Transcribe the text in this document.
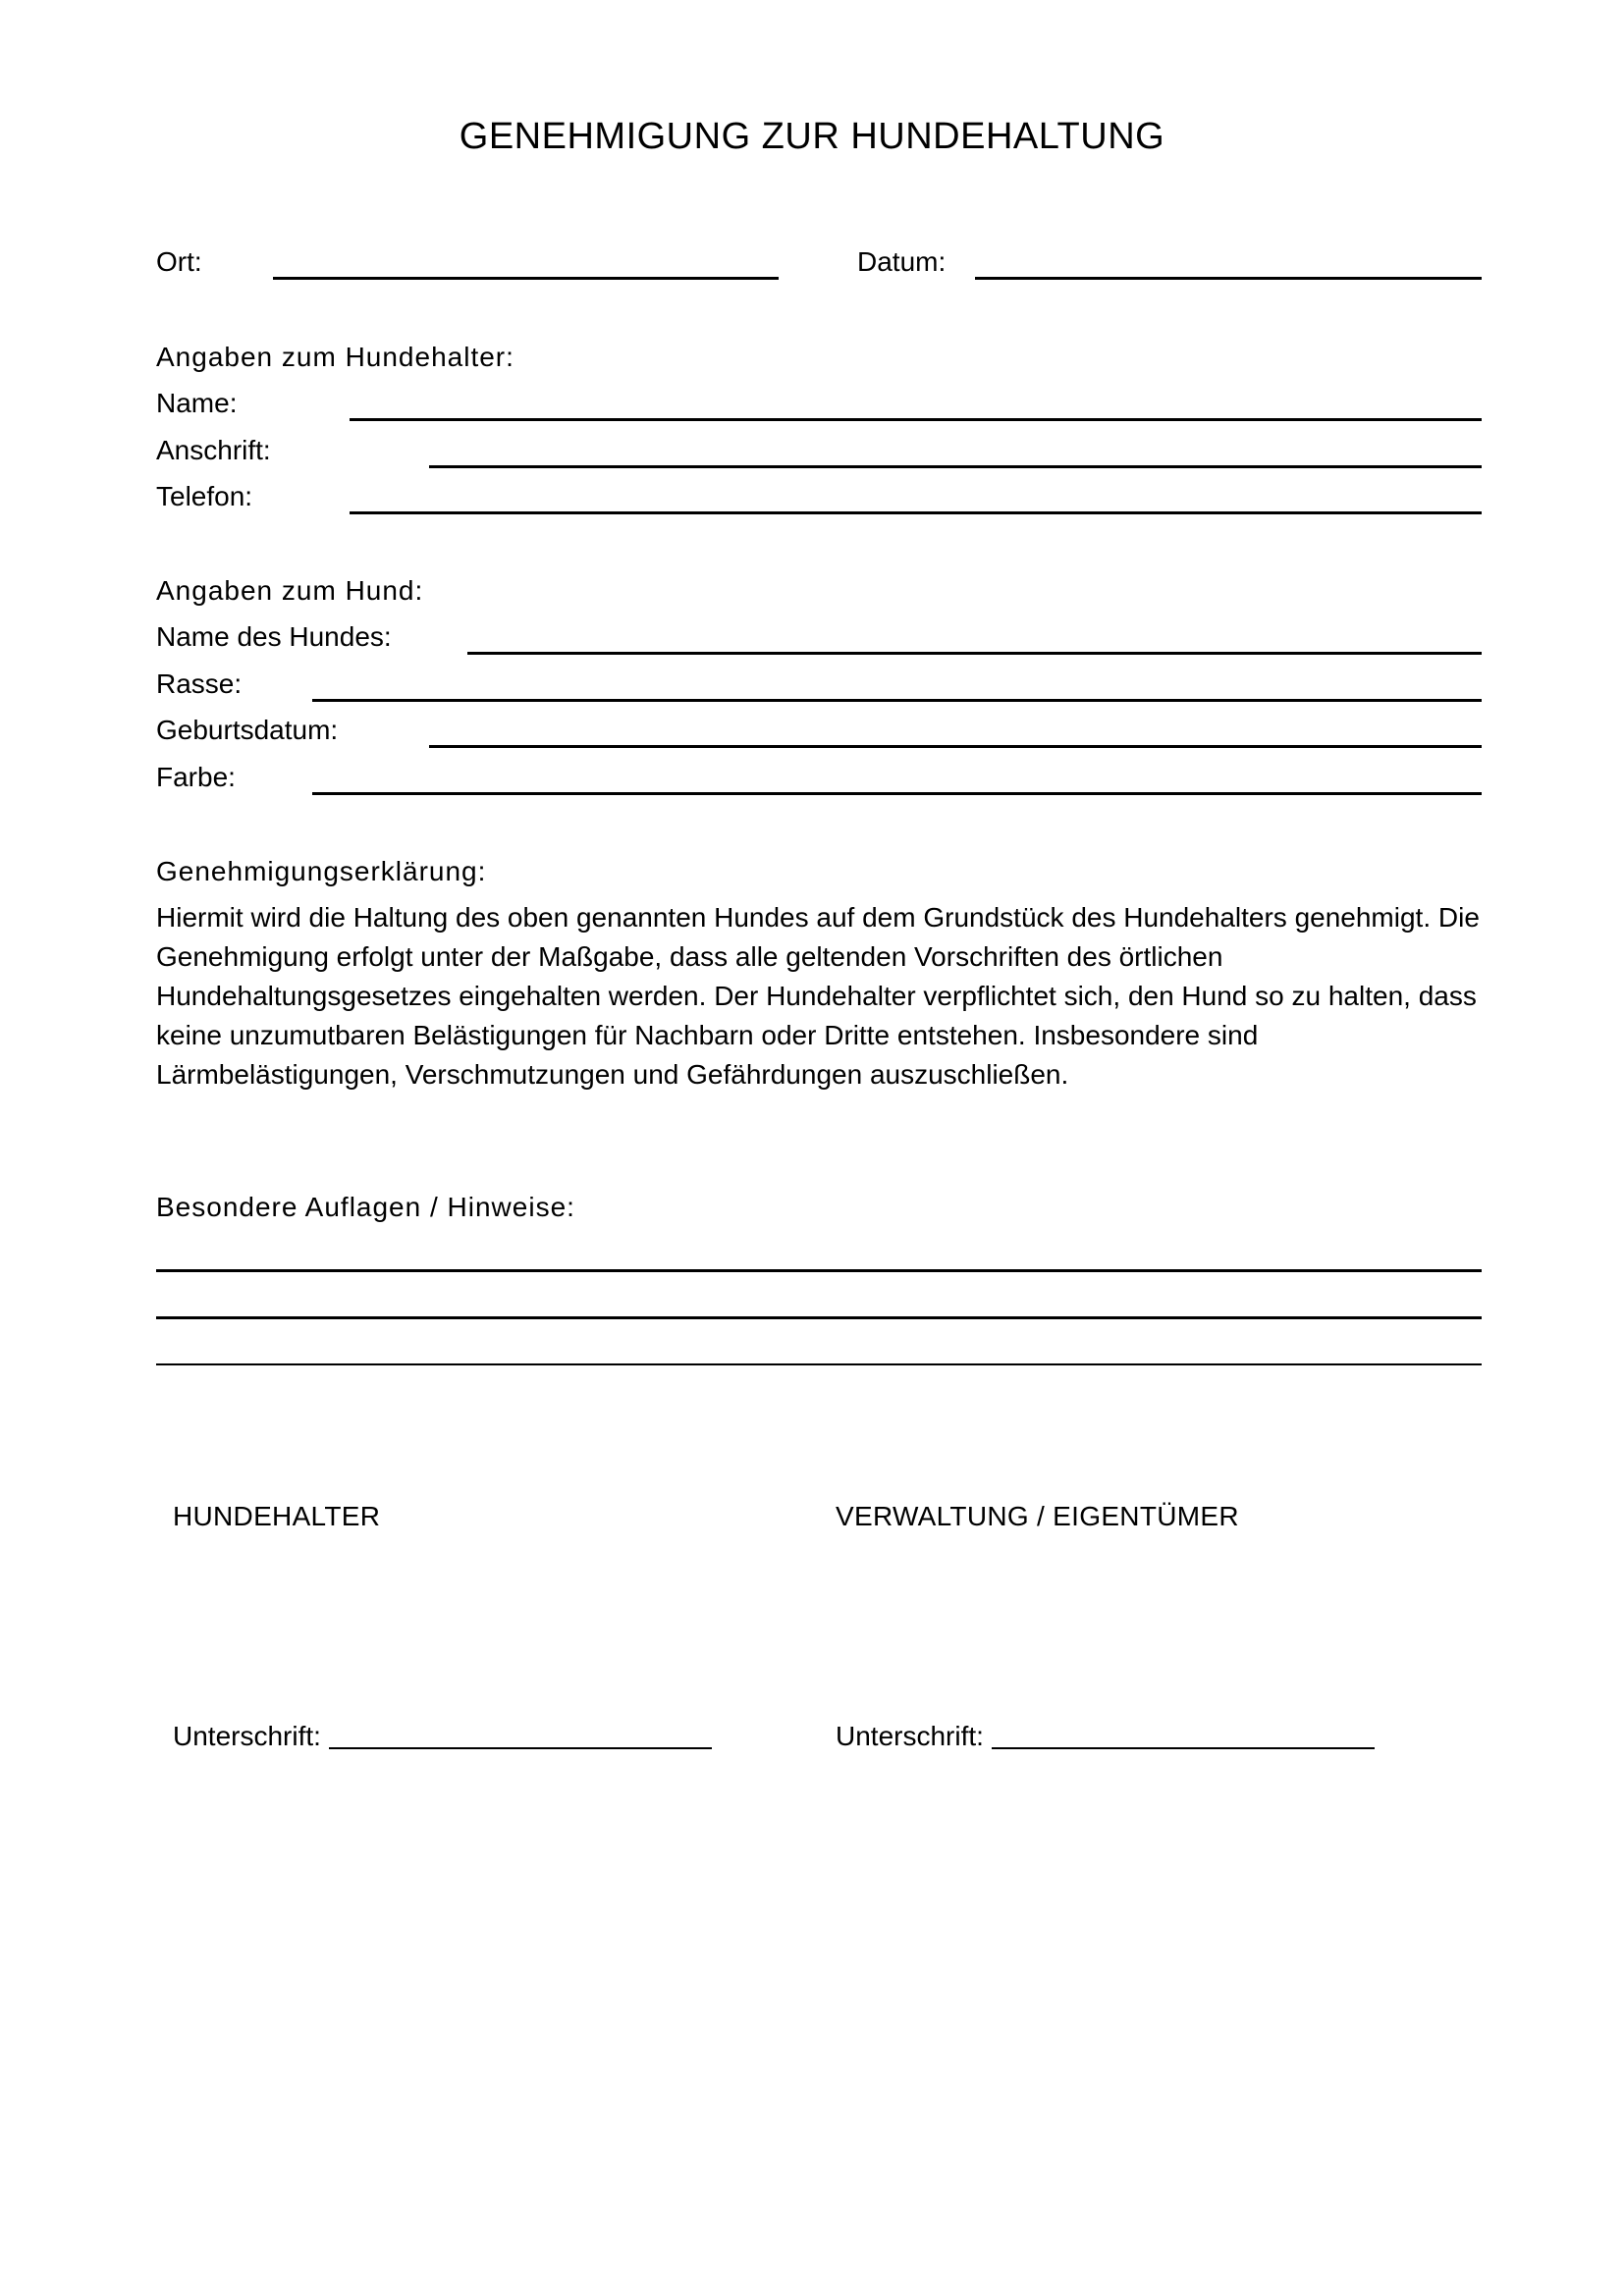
GENEHMIGUNG ZUR HUNDEHALTUNG
Ort:	Datum:
Angaben zum Hundehalter:
Name:
Anschrift:
Telefon:
Angaben zum Hund:
Name des Hundes:
Rasse:
Geburtsdatum:
Farbe:
Genehmigungserklärung:
Hiermit wird die Haltung des oben genannten Hundes auf dem Grundstück des Hundehalters genehmigt. Die
Genehmigung erfolgt unter der Maßgabe, dass alle geltenden Vorschriften des örtlichen
Hundehaltungsgesetzes eingehalten werden. Der Hundehalter verpflichtet sich, den Hund so zu halten, dass
keine unzumutbaren Belästigungen für Nachbarn oder Dritte entstehen. Insbesondere sind
Lärmbelästigungen, Verschmutzungen und Gefährdungen auszuschließen.
Besondere Auflagen / Hinweise:
HUNDEHALTER	VERWALTUNG / EIGENTÜMER
Unterschrift:	Unterschrift:
